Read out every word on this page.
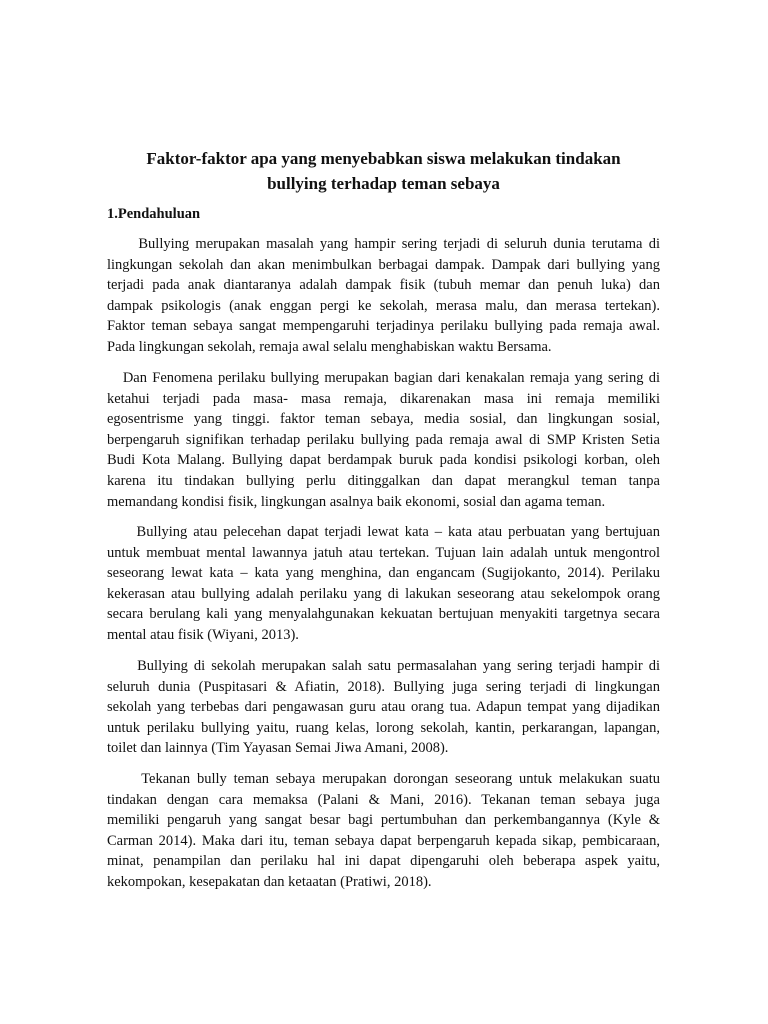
Faktor-faktor apa yang menyebabkan siswa melakukan tindakan
bullying terhadap teman sebaya
1.Pendahuluan

Bullying merupakan masalah yang hampir sering terjadi di seluruh dunia terutama di
lingkungan sekolah dan akan menimbulkan berbagai dampak. Dampak dari bullying yang
terjadi pada anak diantaranya adalah dampak fisik (tubuh memar dan penuh luka) dan
dampak psikologis (anak enggan pergi ke sekolah, merasa malu, dan merasa tertekan).
Faktor teman sebaya sangat mempengaruhi terjadinya perilaku bullying pada remaja awal.
Pada lingkungan sekolah, remaja awal selalu menghabiskan waktu Bersama.

Dan Fenomena perilaku bullying merupakan bagian dari kenakalan remaja yang sering di
ketahui terjadi pada masa- masa remaja, dikarenakan masa ini remaja memiliki
egosentrisme yang tinggi. faktor teman sebaya, media sosial, dan lingkungan sosial,
berpengaruh signifikan terhadap perilaku bullying pada remaja awal di SMP Kristen Setia
Budi Kota Malang. Bullying dapat berdampak buruk pada kondisi psikologi korban, oleh
karena itu tindakan bullying perlu ditinggalkan dan dapat merangkul teman tanpa
memandang kondisi fisik, lingkungan asalnya baik ekonomi, sosial dan agama teman.

Bullying atau pelecehan dapat terjadi lewat kata – kata atau perbuatan yang bertujuan
untuk membuat mental lawannya jatuh atau tertekan. Tujuan lain adalah untuk mengontrol
seseorang lewat kata – kata yang menghina, dan engancam (Sugijokanto, 2014). Perilaku
kekerasan atau bullying adalah perilaku yang di lakukan seseorang atau sekelompok orang
secara berulang kali yang menyalahgunakan kekuatan bertujuan menyakiti targetnya secara
mental atau fisik (Wiyani, 2013).

Bullying di sekolah merupakan salah satu permasalahan yang sering terjadi hampir di
seluruh dunia (Puspitasari & Afiatin, 2018). Bullying juga sering terjadi di lingkungan
sekolah yang terbebas dari pengawasan guru atau orang tua. Adapun tempat yang dijadikan
untuk perilaku bullying yaitu, ruang kelas, lorong sekolah, kantin, perkarangan, lapangan,
toilet dan lainnya (Tim Yayasan Semai Jiwa Amani, 2008).

Tekanan bully teman sebaya merupakan dorongan seseorang untuk melakukan suatu
tindakan dengan cara memaksa (Palani & Mani, 2016). Tekanan teman sebaya juga
memiliki pengaruh yang sangat besar bagi pertumbuhan dan perkembangannya (Kyle &
Carman 2014). Maka dari itu, teman sebaya dapat berpengaruh kepada sikap, pembicaraan,
minat, penampilan dan perilaku hal ini dapat dipengaruhi oleh beberapa aspek yaitu,
kekompokan, kesepakatan dan ketaatan (Pratiwi, 2018).
